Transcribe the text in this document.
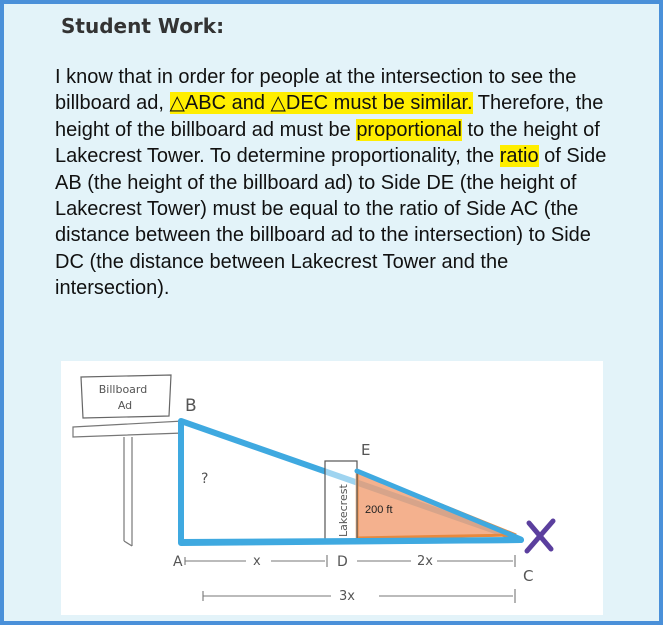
Student Work:

I know that in order for people at the intersection to see the billboard ad, △ABC and △DEC must be similar. Therefore, the height of the billboard ad must be proportional to the height of Lakecrest Tower. To determine proportionality, the ratio of Side AB (the height of the billboard ad) to Side DE (the height of Lakecrest Tower) must be equal to the ratio of Side AC (the distance between the billboard ad to the intersection) to Side DC (the distance between Lakecrest Tower and the intersection).

Billboard
Ad
Lakecrest 200 ft
B
E
?
A	D
C
x	2x
3x
